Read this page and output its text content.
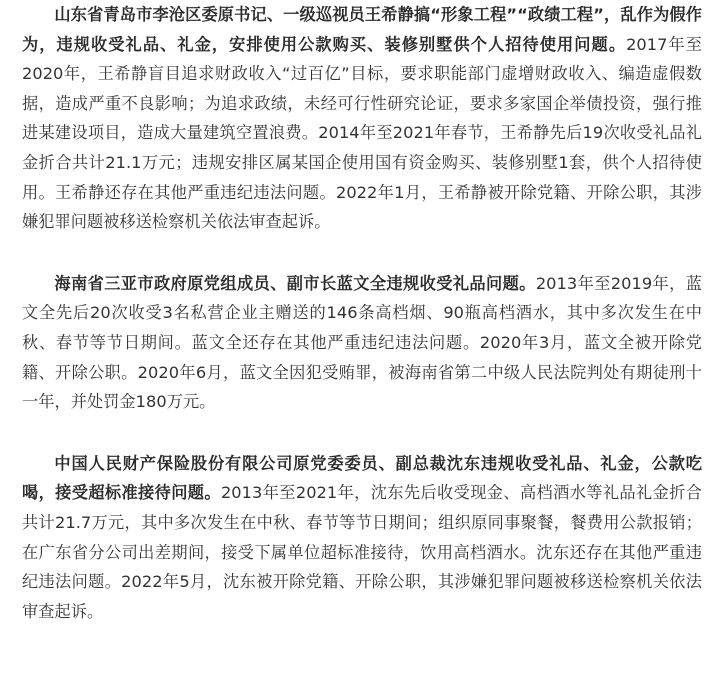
山东省青岛市李沧区委原书记、一级巡视员王希静搞“形象工程”“政绩工程”，乱作为假作为，违规收受礼品、礼金，安排使用公款购买、装修别墅供个人招待使用问题。2017年至2020年，王希静盲目追求财政收入“过百亿”目标，要求职能部门虚增财政收入、编造虚假数据，造成严重不良影响；为追求政绩，未经可行性研究论证，要求多家国企举债投资，强行推进某建设项目，造成大量建筑空置浪费。2014年至2021年春节，王希静先后19次收受礼品礼金折合共计21.1万元；违规安排区属某国企使用国有资金购买、装修别墅1套，供个人招待使用。王希静还存在其他严重违纪违法问题。2022年1月，王希静被开除党籍、开除公职，其涉嫌犯罪问题被移送检察机关依法审查起诉。

海南省三亚市政府原党组成员、副市长蓝文全违规收受礼品问题。2013年至2019年，蓝文全先后20次收受3名私营企业主赠送的146条高档烟、90瓶高档酒水，其中多次发生在中秋、春节等节日期间。蓝文全还存在其他严重违纪违法问题。2020年3月，蓝文全被开除党籍、开除公职。2020年6月，蓝文全因犯受贿罪，被海南省第二中级人民法院判处有期徒刑十一年，并处罚金180万元。

中国人民财产保险股份有限公司原党委委员、副总裁沈东违规收受礼品、礼金，公款吃喝，接受超标准接待问题。2013年至2021年，沈东先后收受现金、高档酒水等礼品礼金折合共计21.7万元，其中多次发生在中秋、春节等节日期间；组织原同事聚餐，餐费用公款报销；在广东省分公司出差期间，接受下属单位超标准接待，饮用高档酒水。沈东还存在其他严重违纪违法问题。2022年5月，沈东被开除党籍、开除公职，其涉嫌犯罪问题被移送检察机关依法审查起诉。
